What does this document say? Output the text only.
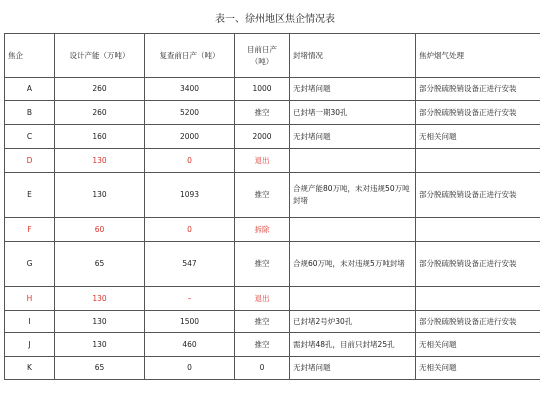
表一、徐州地区焦企情况表
焦企	设计产能（万吨）	复查前日产（吨）	目前日产（吨）	封堵情况	焦炉烟气处理
A	260	3400	1000	无封堵问题	部分脱硫脱销设备正进行安装
B	260	5200	推空	已封堵一期30孔	部分脱硫脱销设备正进行安装
C	160	2000	2000	无封堵问题	无相关问题
D	130	0	退出		
E	130	1093	推空	合规产能80万吨，未对违规50万吨封堵	部分脱硫脱销设备正进行安装
F	60	0	拆除		
G	65	547	推空	合规60万吨，未对违规5万吨封堵	部分脱硫脱销设备正进行安装
H	130	–	退出		
I	130	1500	推空	已封堵2号炉30孔	部分脱硫脱销设备正进行安装
J	130	460	推空	需封堵48孔，目前只封堵25孔	无相关问题
K	65	0	0	无封堵问题	无相关问题
